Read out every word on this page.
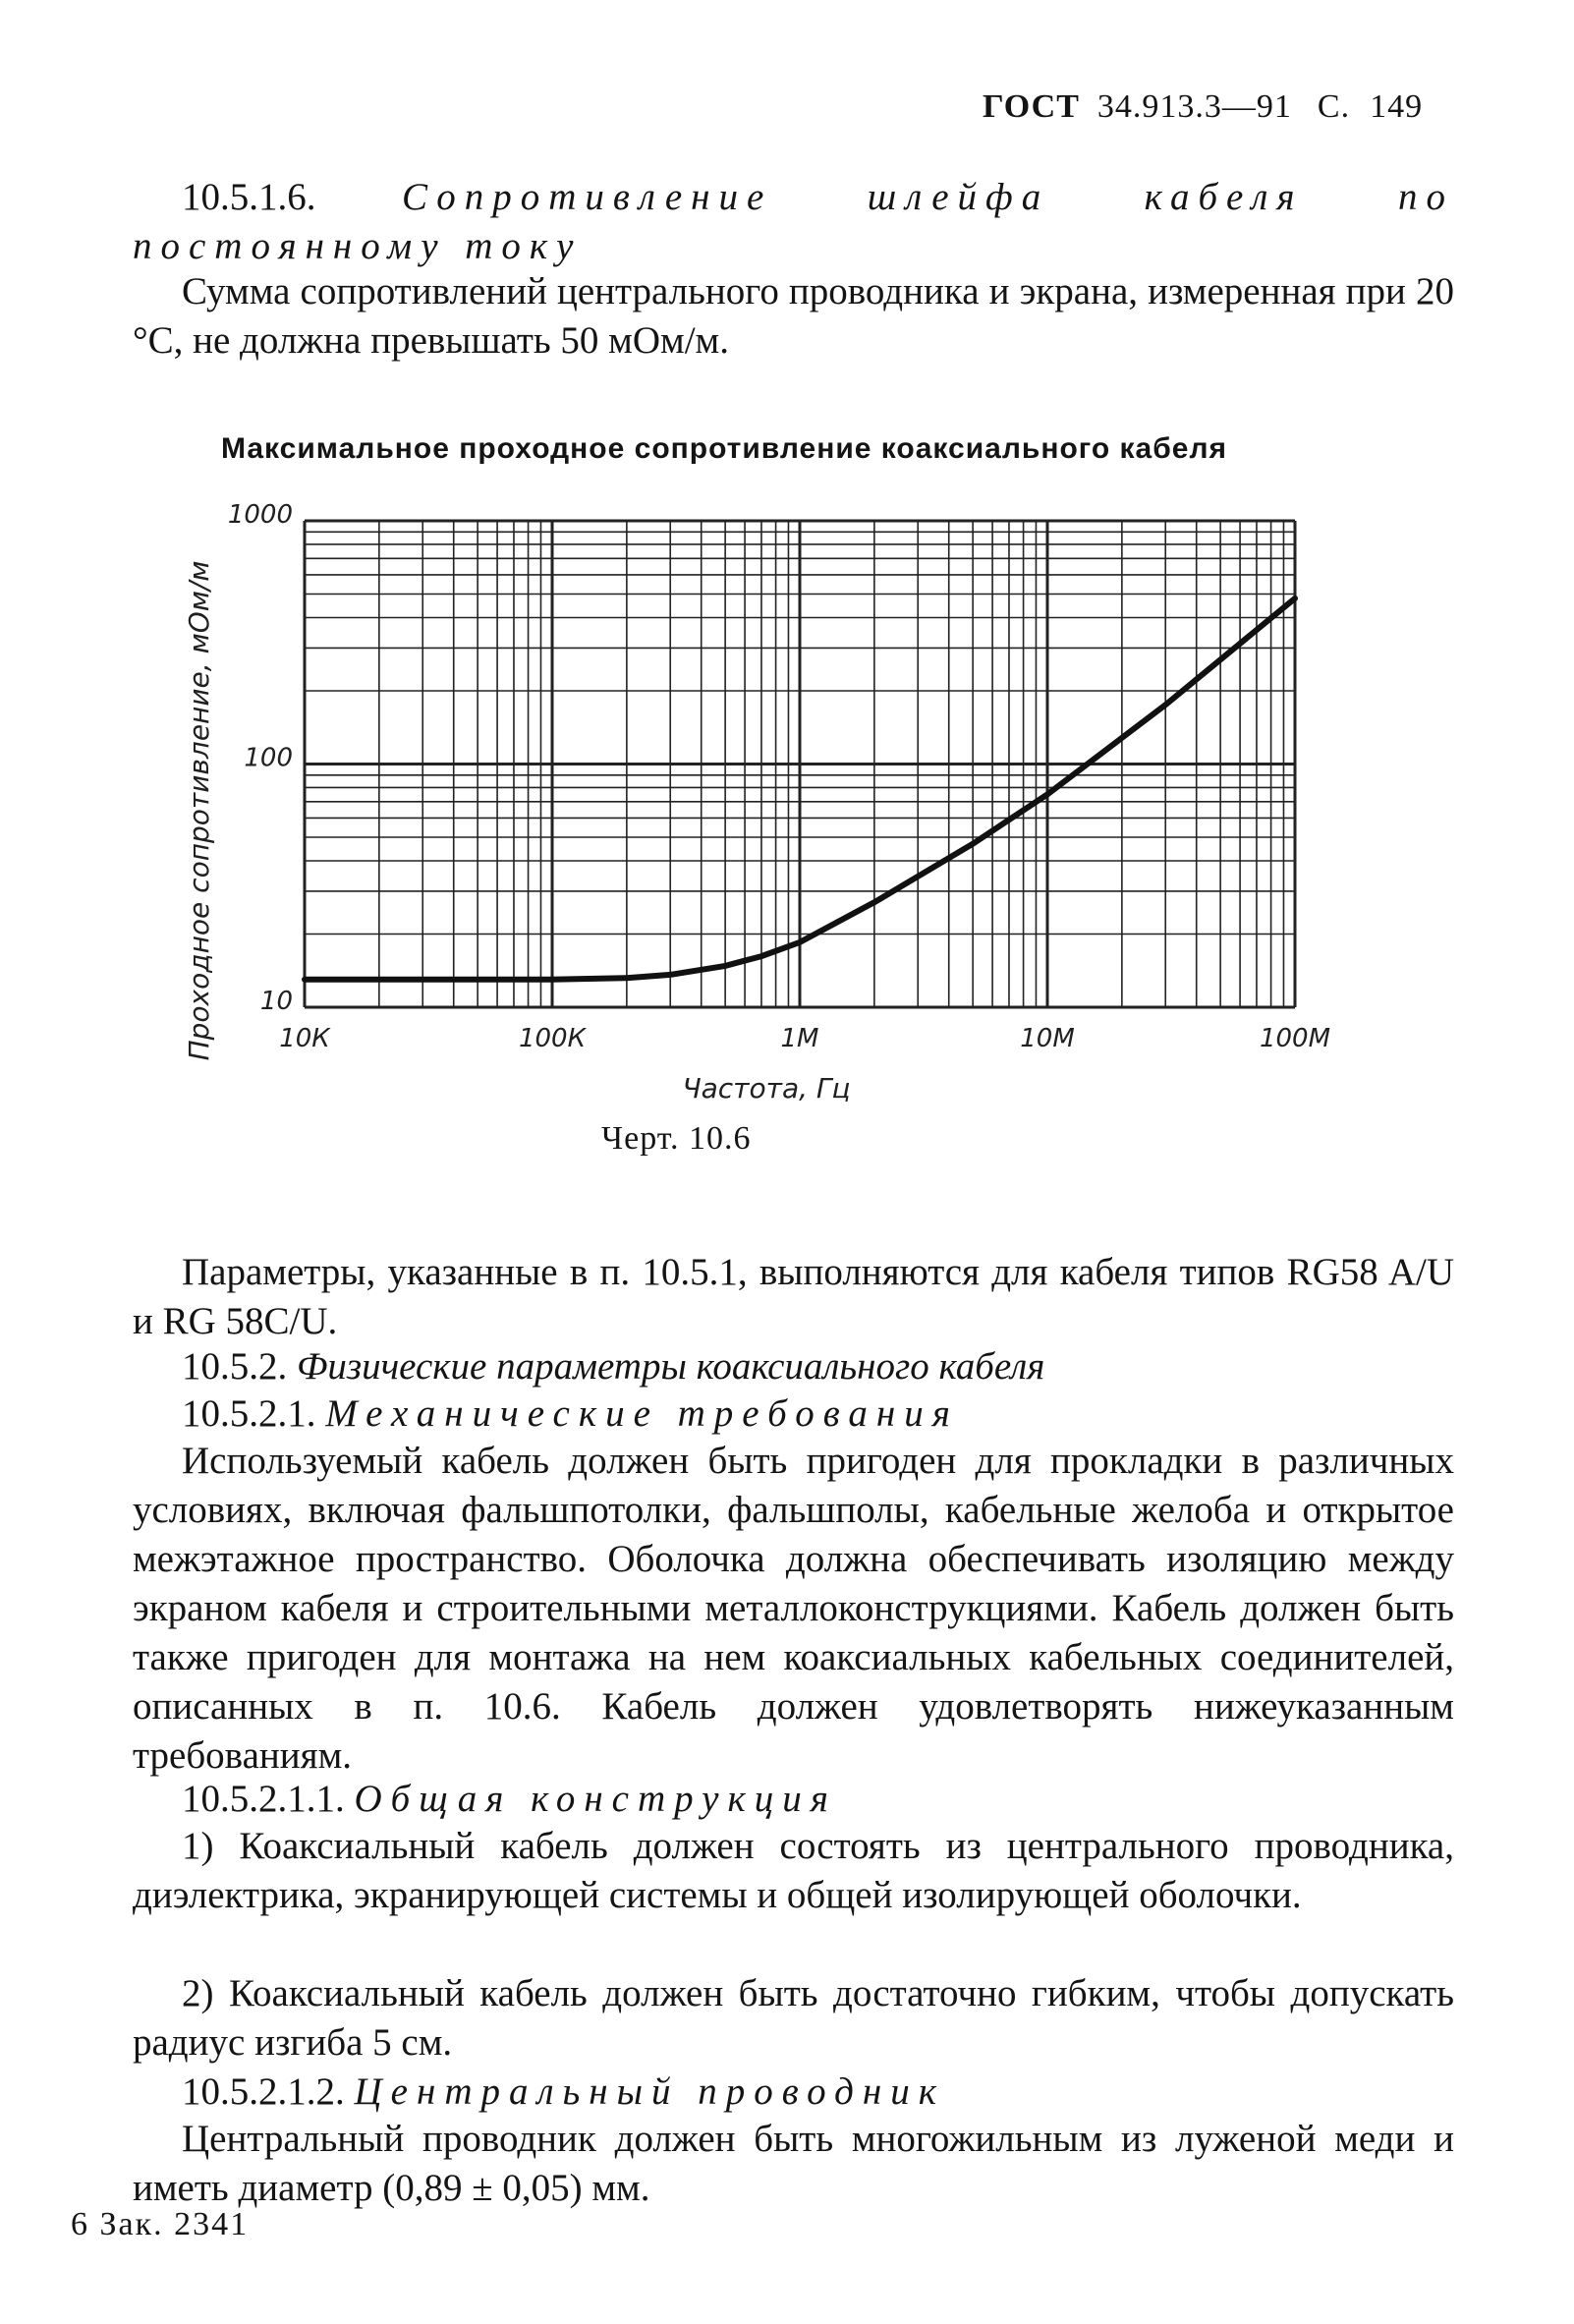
ГОСТ 34.913.3—91 С. 149

10.5.1.6. Сопротивление шлейфа кабеля по постоянному току

Сумма сопротивлений центрального проводника и экрана, измеренная при 20 °С, не должна превышать 50 мОм/м.

Максимальное проходное сопротивление коаксиального кабеля
1000
100
10
10К	100К	1М	10М	100М
Проходное сопротивление, мОм/м
Частота, Гц
Черт. 10.6

Параметры, указанные в п. 10.5.1, выполняются для кабеля типов RG58 A/U и RG 58C/U.

10.5.2. Физические параметры коаксиального кабеля

10.5.2.1. Механические требования

Используемый кабель должен быть пригоден для прокладки в различных условиях, включая фальшпотолки, фальшполы, кабельные желоба и открытое межэтажное пространство. Оболочка должна обеспечивать изоляцию между экраном кабеля и строительными металлоконструкциями. Кабель должен быть также пригоден для монтажа на нем коаксиальных кабельных соединителей, описанных в п. 10.6. Кабель должен удовлетворять нижеуказанным требованиям.

10.5.2.1.1. Общая конструкция

1) Коаксиальный кабель должен состоять из центрального проводника, диэлектрика, экранирующей системы и общей изолирующей оболочки.

2) Коаксиальный кабель должен быть достаточно гибким, чтобы допускать радиус изгиба 5 см.

10.5.2.1.2. Центральный проводник

Центральный проводник должен быть многожильным из луженой меди и иметь диаметр (0,89 ± 0,05) мм.

6 Зак. 2341
